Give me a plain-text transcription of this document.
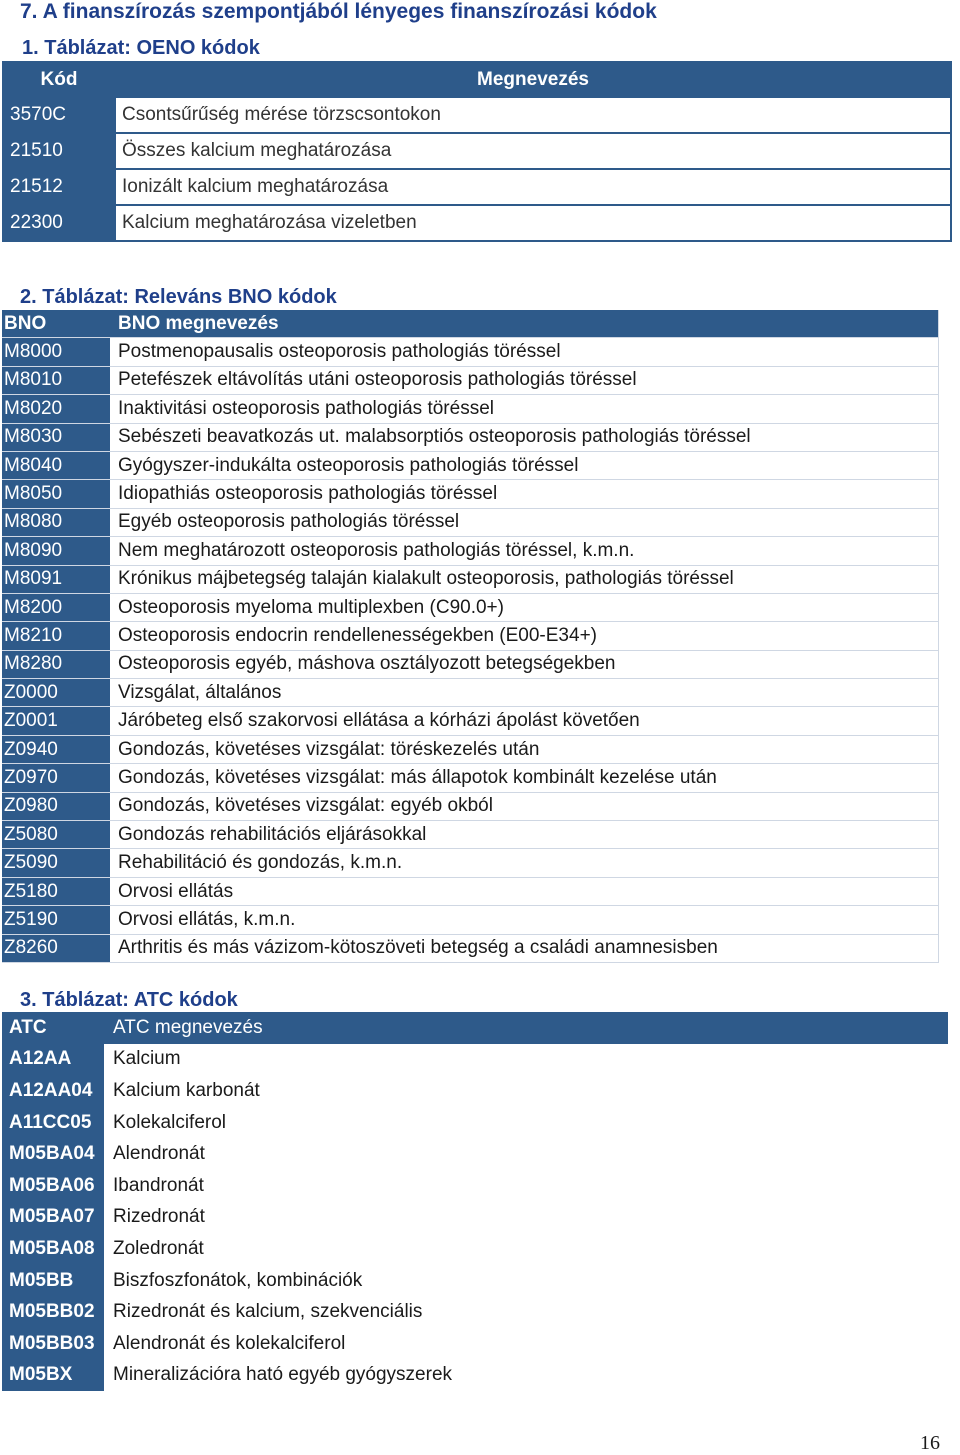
7. A finanszírozás szempontjából lényeges finanszírozási kódok
1. Táblázat: OENO kódok
Kód	Megnevezés
3570C	Csontsűrűség mérése törzscsontokon
21510	Összes kalcium meghatározása
21512	Ionizált kalcium meghatározása
22300	Kalcium meghatározása vizeletben
2. Táblázat: Releváns BNO kódok
BNO	BNO megnevezés
M8000	Postmenopausalis osteoporosis pathologiás töréssel
M8010	Petefészek eltávolítás utáni osteoporosis pathologiás töréssel
M8020	Inaktivitási osteoporosis pathologiás töréssel
M8030	Sebészeti beavatkozás ut. malabsorptiós osteoporosis pathologiás töréssel
M8040	Gyógyszer-indukálta osteoporosis pathologiás töréssel
M8050	Idiopathiás osteoporosis pathologiás töréssel
M8080	Egyéb osteoporosis pathologiás töréssel
M8090	Nem meghatározott osteoporosis pathologiás töréssel, k.m.n.
M8091	Krónikus májbetegség talaján kialakult osteoporosis, pathologiás töréssel
M8200	Osteoporosis myeloma multiplexben (C90.0+)
M8210	Osteoporosis endocrin rendellenességekben (E00-E34+)
M8280	Osteoporosis egyéb, máshova osztályozott betegségekben
Z0000	Vizsgálat, általános
Z0001	Járóbeteg első szakorvosi ellátása a kórházi ápolást követően
Z0940	Gondozás, követéses vizsgálat: töréskezelés után
Z0970	Gondozás, követéses vizsgálat: más állapotok kombinált kezelése után
Z0980	Gondozás, követéses vizsgálat: egyéb okból
Z5080	Gondozás rehabilitációs eljárásokkal
Z5090	Rehabilitáció és gondozás, k.m.n.
Z5180	Orvosi ellátás
Z5190	Orvosi ellátás, k.m.n.
Z8260	Arthritis és más vázizom-kötoszöveti betegség a családi anamnesisben
3. Táblázat: ATC kódok
ATC	ATC megnevezés
A12AA	Kalcium
A12AA04	Kalcium karbonát
A11CC05	Kolekalciferol
M05BA04	Alendronát
M05BA06	Ibandronát
M05BA07	Rizedronát
M05BA08	Zoledronát
M05BB	Biszfoszfonátok, kombinációk
M05BB02	Rizedronát és kalcium, szekvenciális
M05BB03	Alendronát és kolekalciferol
M05BX	Mineralizációra ható egyéb gyógyszerek
16
